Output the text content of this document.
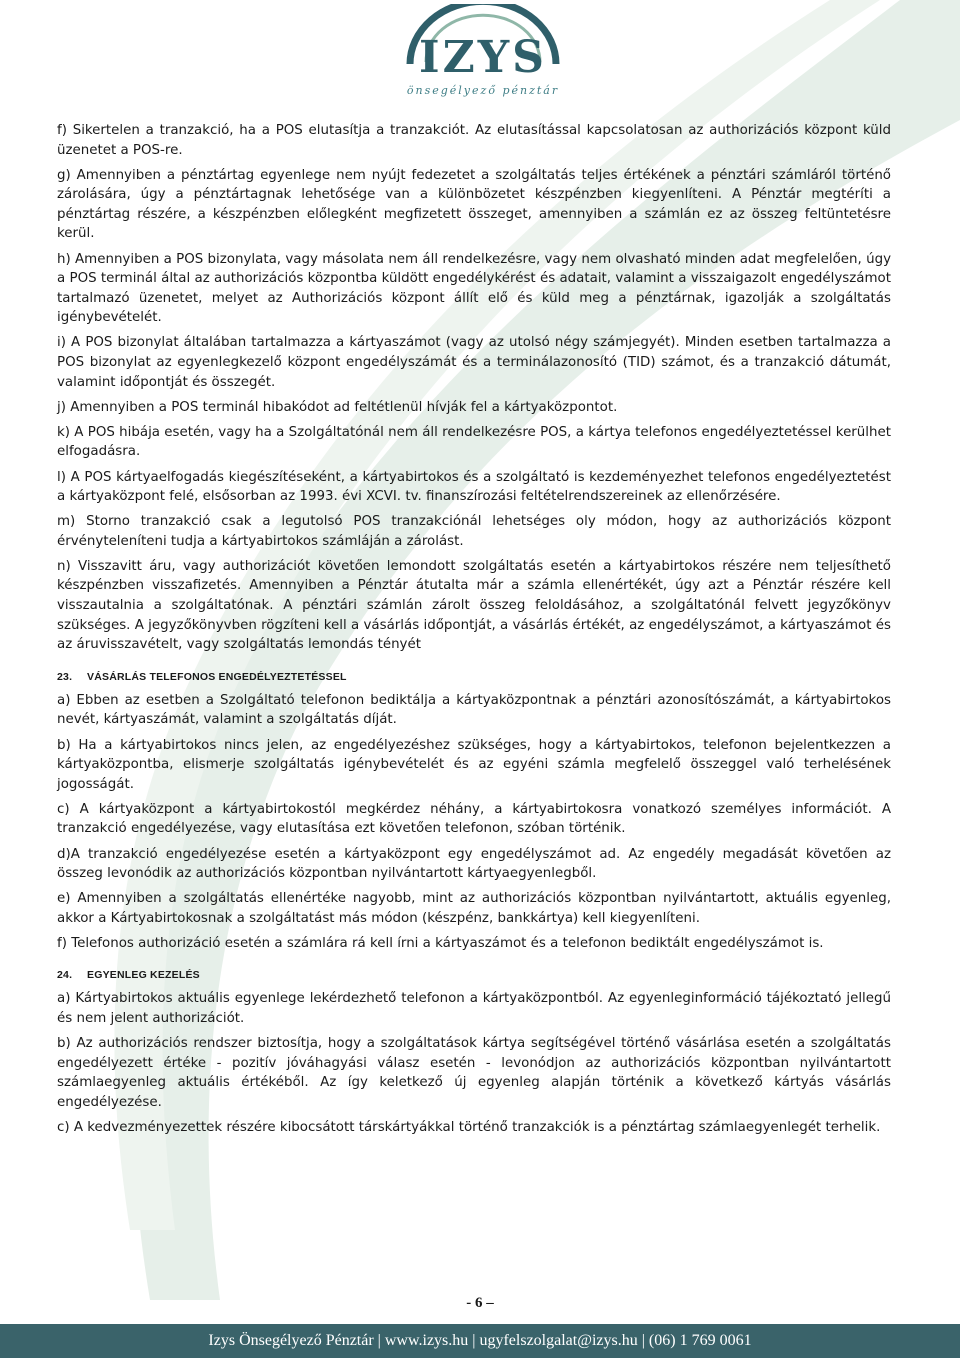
IZYS
önsegélyező pénztár

f) Sikertelen a tranzakció, ha a POS elutasítja a tranzakciót. Az elutasítással kapcsolatosan az authorizációs központ küld üzenetet a POS-re.

g) Amennyiben a pénztártag egyenlege nem nyújt fedezetet a szolgáltatás teljes értékének a pénztári számláról történő zárolására, úgy a pénztártagnak lehetősége van a különbözetet készpénzben kiegyenlíteni. A Pénztár megtéríti a pénztártag részére, a készpénzben előlegként megfizetett összeget, amennyiben a számlán ez az összeg feltüntetésre kerül.

h) Amennyiben a POS bizonylata, vagy másolata nem áll rendelkezésre, vagy nem olvasható minden adat megfelelően, úgy a POS terminál által az authorizációs központba küldött engedélykérést és adatait, valamint a visszaigazolt engedélyszámot tartalmazó üzenetet, melyet az Authorizációs központ állít elő és küld meg a pénztárnak, igazolják a szolgáltatás igénybevételét.

i) A POS bizonylat általában tartalmazza a kártyaszámot (vagy az utolsó négy számjegyét). Minden esetben tartalmazza a POS bizonylat az egyenlegkezelő központ engedélyszámát és a terminálazonosító (TID) számot, és a tranzakció dátumát, valamint időpontját és összegét.

j) Amennyiben a POS terminál hibakódot ad feltétlenül hívják fel a kártyaközpontot.

k) A POS hibája esetén, vagy ha a Szolgáltatónál nem áll rendelkezésre POS, a kártya telefonos engedélyeztetéssel kerülhet elfogadásra.

l) A POS kártyaelfogadás kiegészítéseként, a kártyabirtokos és a szolgáltató is kezdeményezhet telefonos engedélyeztetést a kártyaközpont felé, elsősorban az 1993. évi XCVI. tv. finanszírozási feltételrendszereinek az ellenőrzésére.

m) Storno tranzakció csak a legutolsó POS tranzakciónál lehetséges oly módon, hogy az authorizációs központ érvényteleníteni tudja a kártyabirtokos számláján a zárolást.

n) Visszavitt áru, vagy authorizációt követően lemondott szolgáltatás esetén a kártyabirtokos részére nem teljesíthető készpénzben visszafizetés. Amennyiben a Pénztár átutalta már a számla ellenértékét, úgy azt a Pénztár részére kell visszautalnia a szolgáltatónak. A pénztári számlán zárolt összeg feloldásához, a szolgáltatónál felvett jegyzőkönyv szükséges. A jegyzőkönyvben rögzíteni kell a vásárlás időpontját, a vásárlás értékét, az engedélyszámot, a kártyaszámot és az áruvisszavételt, vagy szolgáltatás lemondás tényét

23. VÁSÁRLÁS TELEFONOS ENGEDÉLYEZTETÉSSEL

a) Ebben az esetben a Szolgáltató telefonon bediktálja a kártyaközpontnak a pénztári azonosítószámát, a kártyabirtokos nevét, kártyaszámát, valamint a szolgáltatás díját.

b) Ha a kártyabirtokos nincs jelen, az engedélyezéshez szükséges, hogy a kártyabirtokos, telefonon bejelentkezzen a kártyaközpontba, elismerje szolgáltatás igénybevételét és az egyéni számla megfelelő összeggel való terhelésének jogosságát.

c) A kártyaközpont a kártyabirtokostól megkérdez néhány, a kártyabirtokosra vonatkozó személyes információt. A tranzakció engedélyezése, vagy elutasítása ezt követően telefonon, szóban történik.

d)A tranzakció engedélyezése esetén a kártyaközpont egy engedélyszámot ad. Az engedély megadását követően az összeg levonódik az authorizációs központban nyilvántartott kártyaegyenlegből.

e) Amennyiben a szolgáltatás ellenértéke nagyobb, mint az authorizációs központban nyilvántartott, aktuális egyenleg, akkor a Kártyabirtokosnak a szolgáltatást más módon (készpénz, bankkártya) kell kiegyenlíteni.

f) Telefonos authorizáció esetén a számlára rá kell írni a kártyaszámot és a telefonon bediktált engedélyszámot is.

24. EGYENLEG KEZELÉS

a) Kártyabirtokos aktuális egyenlege lekérdezhető telefonon a kártyaközpontból. Az egyenleginformáció tájékoztató jellegű és nem jelent authorizációt.

b) Az authorizációs rendszer biztosítja, hogy a szolgáltatások kártya segítségével történő vásárlása esetén a szolgáltatás engedélyezett értéke - pozitív jóváhagyási válasz esetén - levonódjon az authorizációs központban nyilvántartott számlaegyenleg aktuális értékéből. Az így keletkező új egyenleg alapján történik a következő kártyás vásárlás engedélyezése.

c) A kedvezményezettek részére kibocsátott társkártyákkal történő tranzakciók is a pénztártag számlaegyenlegét terhelik.

- 6 –
Izys Önsegélyező Pénztár | www.izys.hu | ugyfelszolgalat@izys.hu | (06) 1 769 0061
